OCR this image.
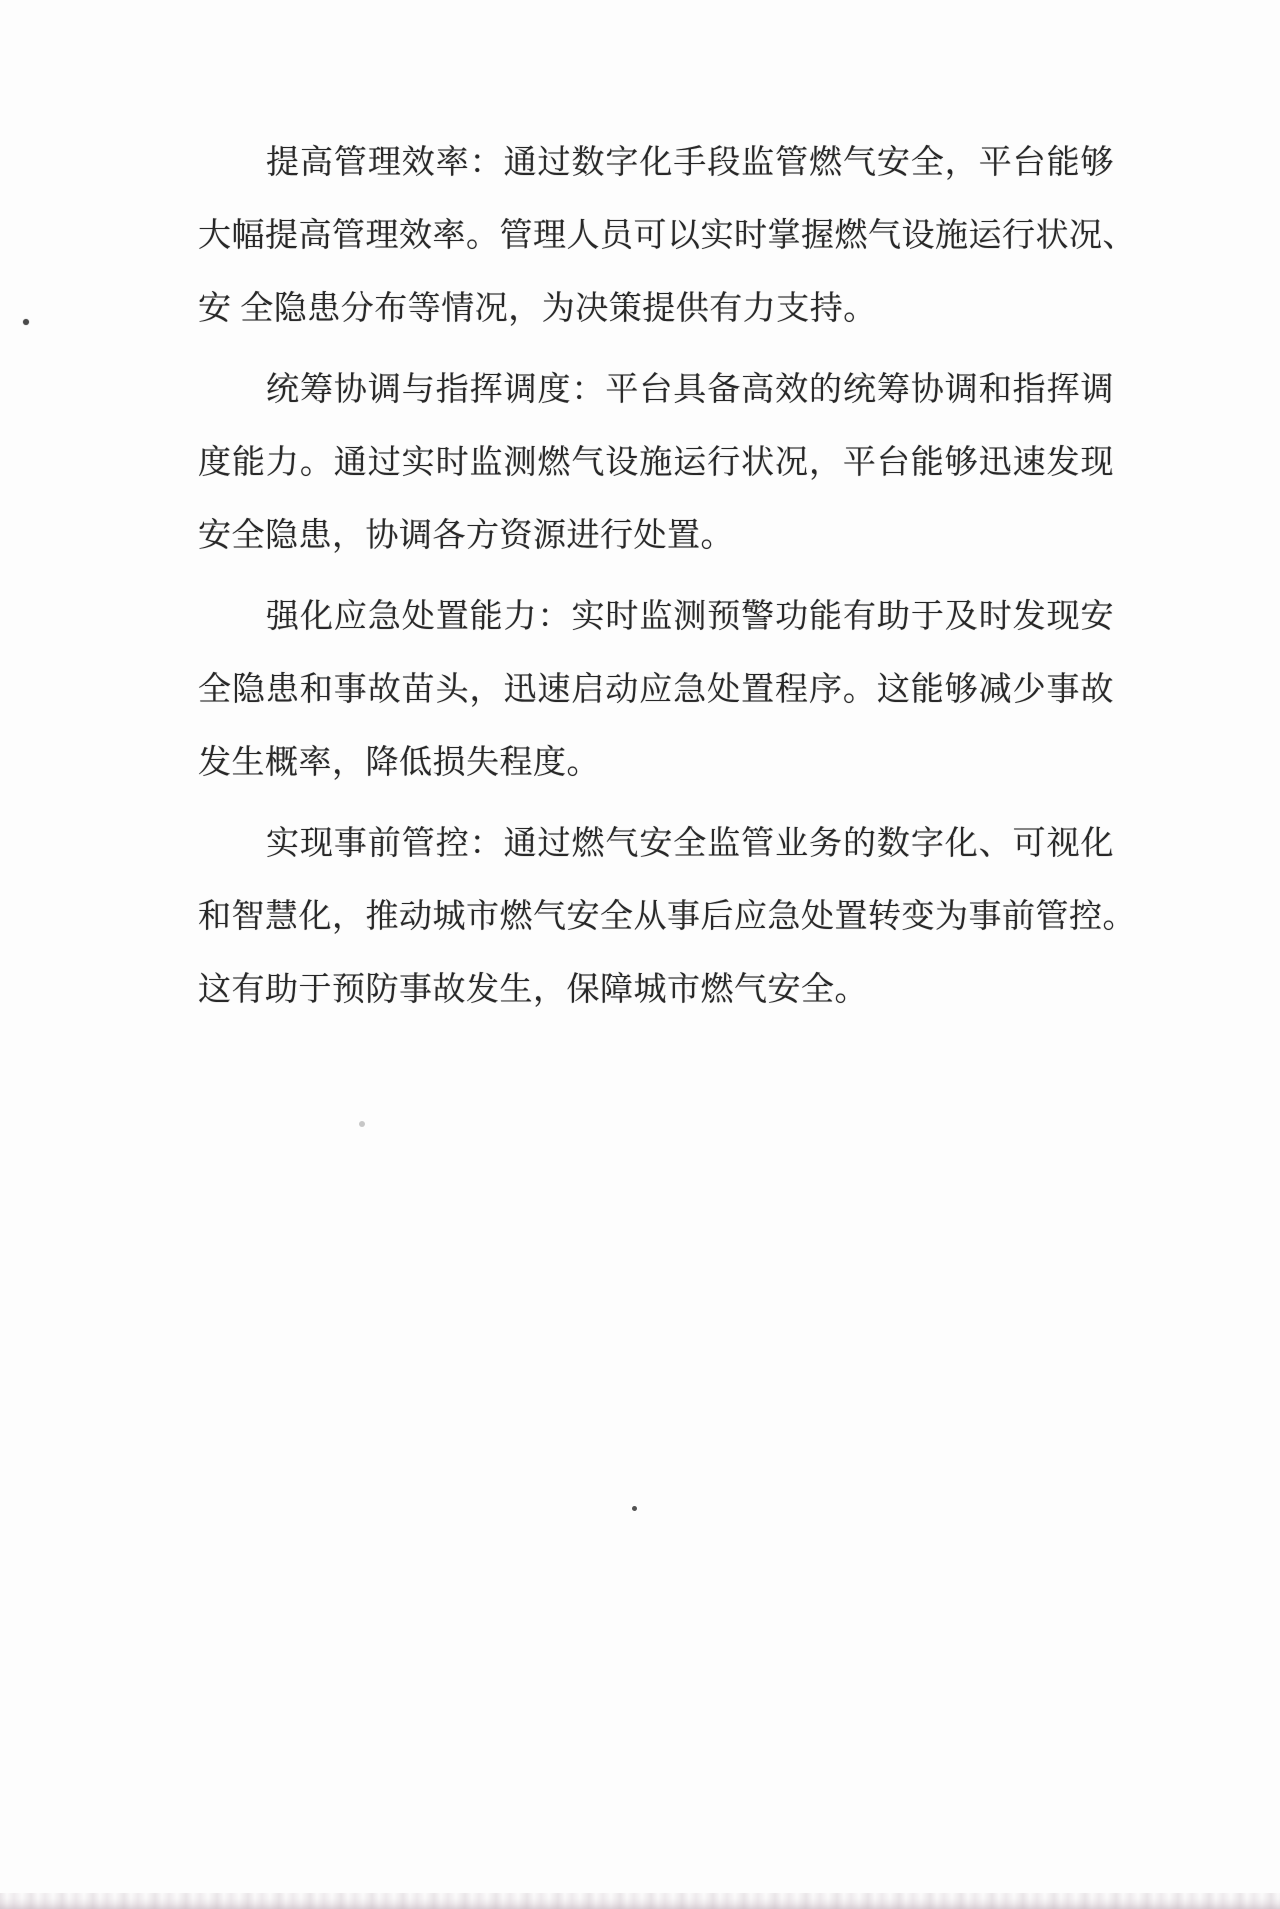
提高管理效率：通过数字化手段监管燃气安全，平台能够
大幅提高管理效率。管理人员可以实时掌握燃气设施运行状况、
安 全隐患分布等情况，为决策提供有力支持。
统筹协调与指挥调度：平台具备高效的统筹协调和指挥调
度能力。通过实时监测燃气设施运行状况，平台能够迅速发现
安全隐患，协调各方资源进行处置。
强化应急处置能力：实时监测预警功能有助于及时发现安
全隐患和事故苗头，迅速启动应急处置程序。这能够减少事故
发生概率，降低损失程度。
实现事前管控：通过燃气安全监管业务的数字化、可视化
和智慧化，推动城市燃气安全从事后应急处置转变为事前管控。
这有助于预防事故发生，保障城市燃气安全。
